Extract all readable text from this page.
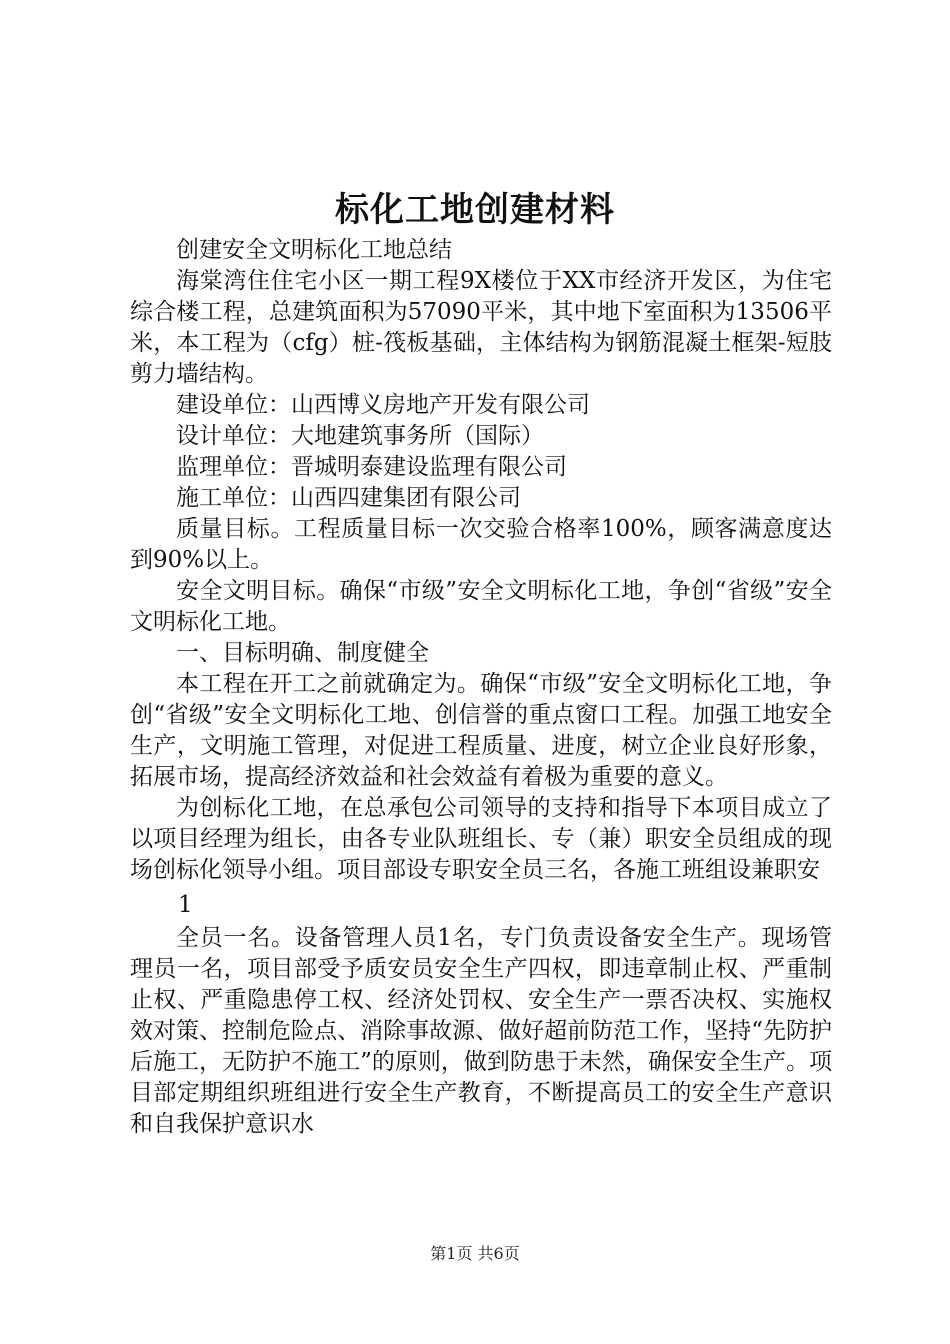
标化工地创建材料

创建安全文明标化工地总结

海棠湾住住宅小区一期工程9X楼位于XX市经济开发区，为住宅综合楼工程，总建筑面积为57090平米，其中地下室面积为13506平米，本工程为（cfg）桩-筏板基础，主体结构为钢筋混凝土框架-短肢剪力墙结构。

建设单位：山西博义房地产开发有限公司

设计单位：大地建筑事务所（国际）

监理单位：晋城明泰建设监理有限公司

施工单位：山西四建集团有限公司

质量目标。工程质量目标一次交验合格率100%，顾客满意度达到90%以上。

安全文明目标。确保“市级”安全文明标化工地，争创“省级”安全文明标化工地。

一、目标明确、制度健全

本工程在开工之前就确定为。确保“市级”安全文明标化工地，争创“省级”安全文明标化工地、创信誉的重点窗口工程。加强工地安全生产，文明施工管理，对促进工程质量、进度，树立企业良好形象，拓展市场，提高经济效益和社会效益有着极为重要的意义。

为创标化工地，在总承包公司领导的支持和指导下本项目成立了以项目经理为组长，由各专业队班组长、专（兼）职安全员组成的现场创标化领导小组。项目部设专职安全员三名，各施工班组设兼职安

1

全员一名。设备管理人员1名，专门负责设备安全生产。现场管理员一名，项目部受予质安员安全生产四权，即违章制止权、严重制止权、严重隐患停工权、经济处罚权、安全生产一票否决权、实施权效对策、控制危险点、消除事故源、做好超前防范工作，坚持“先防护后施工，无防护不施工”的原则，做到防患于未然，确保安全生产。项目部定期组织班组进行安全生产教育，不断提高员工的安全生产意识和自我保护意识水

第1页 共6页
